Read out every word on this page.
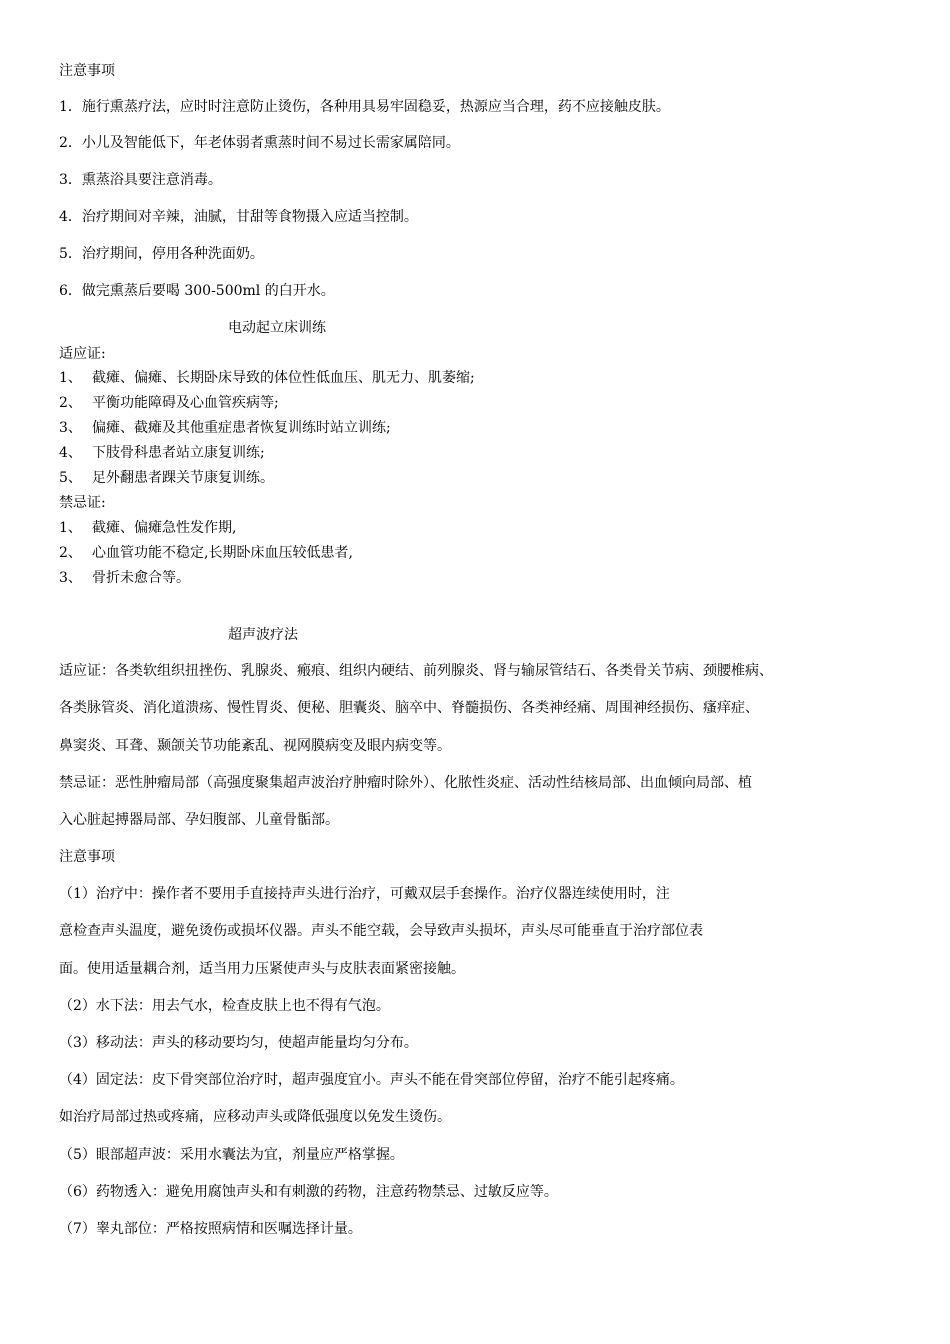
注意事项
1．施行熏蒸疗法，应时时注意防止烫伤，各种用具易牢固稳妥，热源应当合理，药不应接触皮肤。
2．小儿及智能低下，年老体弱者熏蒸时间不易过长需家属陪同。
3．熏蒸浴具要注意消毒。
4．治疗期间对辛辣，油腻，甘甜等食物摄入应适当控制。
5．治疗期间，停用各种洗面奶。
6．做完熏蒸后要喝 300-500ml 的白开水。
电动起立床训练
适应证:
1、 截瘫、偏瘫、长期卧床导致的体位性低血压、肌无力、肌萎缩;
2、 平衡功能障碍及心血管疾病等;
3、 偏瘫、截瘫及其他重症患者恢复训练时站立训练;
4、 下肢骨科患者站立康复训练;
5、 足外翻患者踝关节康复训练。
禁忌证:
1、 截瘫、偏瘫急性发作期,
2、 心血管功能不稳定,长期卧床血压较低患者,
3、 骨折未愈合等。
超声波疗法
适应证：各类软组织扭挫伤、乳腺炎、瘢痕、组织内硬结、前列腺炎、肾与输尿管结石、各类骨关节病、颈腰椎病、
各类脉管炎、消化道溃疡、慢性胃炎、便秘、胆囊炎、脑卒中、脊髓损伤、各类神经痛、周围神经损伤、瘙痒症、
鼻窦炎、耳聋、颞颌关节功能紊乱、视网膜病变及眼内病变等。
禁忌证：恶性肿瘤局部（高强度聚集超声波治疗肿瘤时除外）、化脓性炎症、活动性结核局部、出血倾向局部、植
入心脏起搏器局部、孕妇腹部、儿童骨骺部。
注意事项
（1）治疗中：操作者不要用手直接持声头进行治疗，可戴双层手套操作。治疗仪器连续使用时，注
意检查声头温度，避免烫伤或损坏仪器。声头不能空载，会导致声头损坏，声头尽可能垂直于治疗部位表
面。使用适量耦合剂，适当用力压紧使声头与皮肤表面紧密接触。
（2）水下法：用去气水，检查皮肤上也不得有气泡。
（3）移动法：声头的移动要均匀，使超声能量均匀分布。
（4）固定法：皮下骨突部位治疗时，超声强度宜小。声头不能在骨突部位停留，治疗不能引起疼痛。
如治疗局部过热或疼痛，应移动声头或降低强度以免发生烫伤。
（5）眼部超声波：采用水囊法为宜，剂量应严格掌握。
（6）药物透入：避免用腐蚀声头和有刺激的药物，注意药物禁忌、过敏反应等。
（7）睾丸部位：严格按照病情和医嘱选择计量。
